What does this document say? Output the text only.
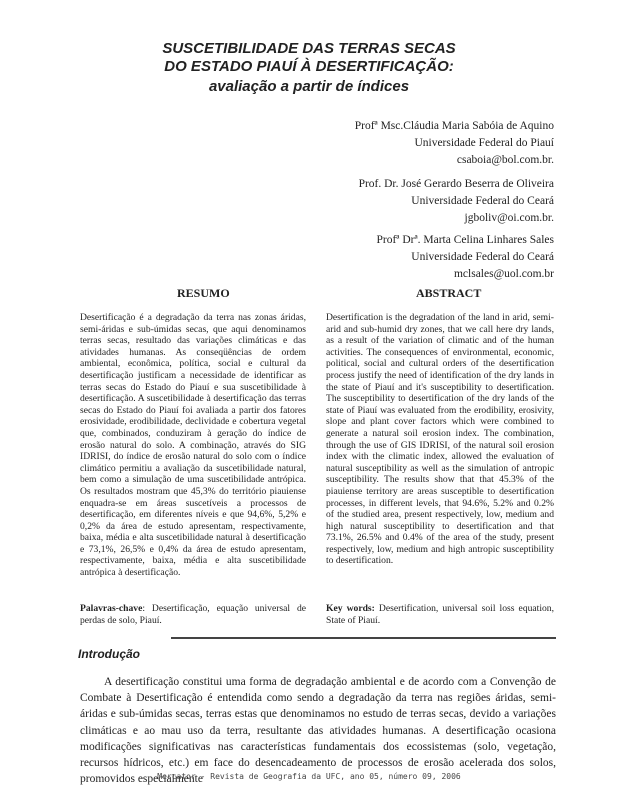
SUSCETIBILIDADE DAS TERRAS SECAS
DO ESTADO PIAUÍ À DESERTIFICAÇÃO:
avaliação a partir de índices
Profª Msc.Cláudia Maria Sabóia de Aquino
Universidade Federal do Piauí
csaboia@bol.com.br.
Prof. Dr. José Gerardo Beserra de Oliveira
Universidade Federal do Ceará
jgboliv@oi.com.br.
Profª Drª. Marta Celina Linhares Sales
Universidade Federal do Ceará
mclsales@uol.com.br
RESUMO	ABSTRACT
Desertificação é a degradação da terra nas zonas áridas, semi-áridas e sub-úmidas secas, que aqui denominamos terras secas, resultado das variações climáticas e das atividades humanas. As conseqüências de ordem ambiental, econômica, política, social e cultural da desertificação justificam a necessidade de identificar as terras secas do Estado do Piauí e sua suscetibilidade à desertificação. A suscetibilidade à desertificação das terras secas do Estado do Piauí foi avaliada a partir dos fatores erosividade, erodibilidade, declividade e cobertura vegetal que, combinados, conduziram à geração do índice de erosão natural do solo. A combinação, através do SIG IDRISI, do índice de erosão natural do solo com o índice climático permitiu a avaliação da suscetibilidade natural, bem como a simulação de uma suscetibilidade antrópica. Os resultados mostram que 45,3% do território piauiense enquadra-se em áreas suscetíveis a processos de desertificação, em diferentes níveis e que 94,6%, 5,2% e 0,2% da área de estudo apresentam, respectivamente, baixa, média e alta suscetibilidade natural à desertificação e 73,1%, 26,5% e 0,4% da área de estudo apresentam, respectivamente, baixa, média e alta suscetibilidade antrópica à desertificação.
Desertification is the degradation of the land in arid, semi-arid and sub-humid dry zones, that we call here dry lands, as a result of the variation of climatic and of the human activities. The consequences of environmental, economic, political, social and cultural orders of the desertification process justify the need of identification of the dry lands in the state of Piauí and it's susceptibility to desertification. The susceptibility to desertification of the dry lands of the state of Piauí was evaluated from the erodibility, erosivity, slope and plant cover factors which were combined to generate a natural soil erosion index. The combination, through the use of GIS IDRISI, of the natural soil erosion index with the climatic index, allowed the evaluation of natural susceptibility as well as the simulation of antropic susceptibility. The results show that that 45.3% of the piauiense territory are areas susceptible to desertification processes, in different levels, that 94.6%, 5.2% and 0.2% of the studied area, present respectively, low, medium and high natural susceptibility to desertification and that 73.1%, 26.5% and 0.4% of the area of the study, present respectively, low, medium and high antropic susceptibility to desertification.
Palavras-chave: Desertificação, equação universal de perdas de solo, Piauí.
Key words: Desertification, universal soil loss equation, State of Piauí.
Introdução
A desertificação constitui uma forma de degradação ambiental e de acordo com a Convenção de Combate à Desertificação é entendida como sendo a degradação da terra nas regiões áridas, semi-áridas e sub-úmidas secas, terras estas que denominamos no estudo de terras secas, devido a variações climáticas e ao mau uso da terra, resultante das atividades humanas. A desertificação ocasiona modificações significativas nas características fundamentais dos ecossistemas (solo, vegetação, recursos hídricos, etc.) em face do desencadeamento de processos de erosão acelerada dos solos, promovidos especialmente
Mercator - Revista de Geografia da UFC, ano 05, número 09, 2006
